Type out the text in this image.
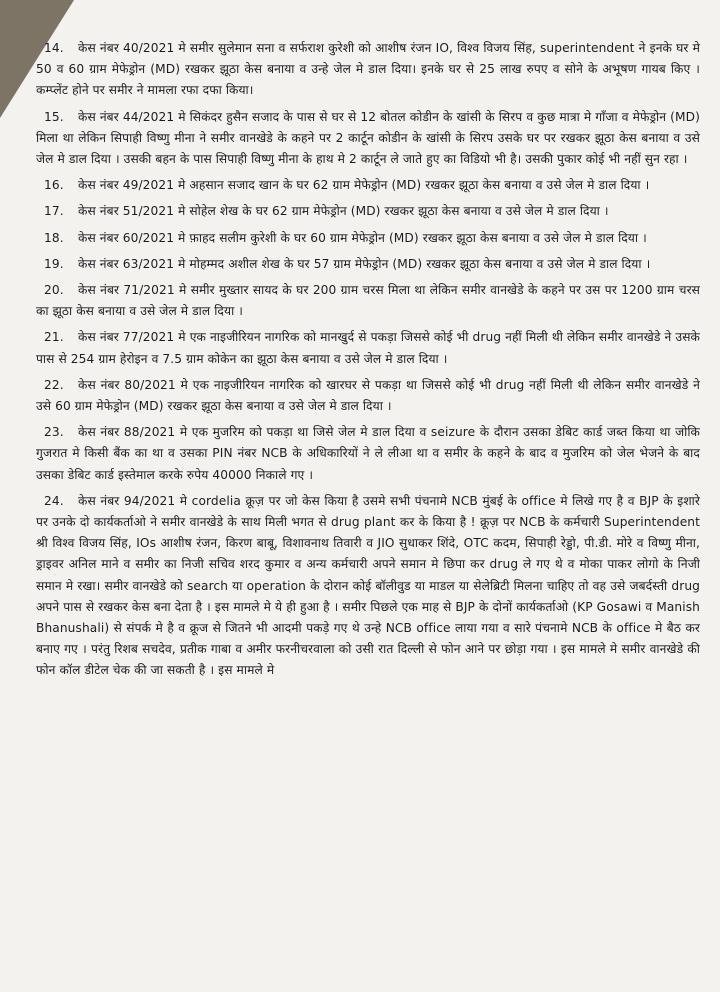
14. केस नंबर 40/2021 मे समीर सुलेमान सना व सर्फराश कुरेशी को आशीष रंजन IO, विश्व विजय सिंह, superintendent ने इनके घर मे 50 व 60 ग्राम मेफेड्रोन (MD) रखकर झूठा केस बनाया व उन्हे जेल मे डाल दिया। इनके घर से 25 लाख रुपए व सोने के अभूषण गायब किए । कम्प्लेंट होने पर समीर ने मामला रफा दफा किया।

15. केस नंबर 44/2021 मे सिकंदर हुसैन सजाद के पास से घर से 12 बोतल कोडीन के खांसी के सिरप व कुछ मात्रा मे गाँजा व मेफेड्रोन (MD) मिला था लेकिन सिपाही विष्णु मीना ने समीर वानखेडे के कहने पर 2 कार्टून कोडीन के खांसी के सिरप उसके घर पर रखकर झूठा केस बनाया व उसे जेल मे डाल दिया । उसकी बहन के पास सिपाही विष्णु मीना के हाथ मे 2 कार्टून ले जाते हुए का विडियो भी है। उसकी पुकार कोई भी नहीं सुन रहा ।

16. केस नंबर 49/2021 मे अहसान सजाद खान के घर 62 ग्राम मेफेड्रोन (MD) रखकर झूठा केस बनाया व उसे जेल मे डाल दिया ।

17. केस नंबर 51/2021 मे सोहेल शेख के घर 62 ग्राम मेफेड्रोन (MD) रखकर झूठा केस बनाया व उसे जेल मे डाल दिया ।

18. केस नंबर 60/2021 मे फ़ाहद सलीम कुरेशी के घर 60 ग्राम मेफेड्रोन (MD) रखकर झूठा केस बनाया व उसे जेल मे डाल दिया ।

19. केस नंबर 63/2021 मे मोहम्मद अशील शेख के घर 57 ग्राम मेफेड्रोन (MD) रखकर झूठा केस बनाया व उसे जेल मे डाल दिया ।

20. केस नंबर 71/2021 मे समीर मुख्तार सायद के घर 200 ग्राम चरस मिला था लेकिन समीर वानखेडे के कहने पर उस पर 1200 ग्राम चरस का झूठा केस बनाया व उसे जेल मे डाल दिया ।

21. केस नंबर 77/2021 मे एक नाइजीरियन नागरिक को मानखुर्द से पकड़ा जिससे कोई भी drug नहीं मिली थी लेकिन समीर वानखेडे ने उसके पास से 254 ग्राम हेरोइन व 7.5 ग्राम कोकेन का झूठा केस बनाया व उसे जेल मे डाल दिया ।

22. केस नंबर 80/2021 मे एक नाइजीरियन नागरिक को खारघर से पकड़ा था जिससे कोई भी drug नहीं मिली थी लेकिन समीर वानखेडे ने उसे 60 ग्राम मेफेड्रोन (MD) रखकर झूठा केस बनाया व उसे जेल मे डाल दिया ।

23. केस नंबर 88/2021 मे एक मुजरिम को पकड़ा था जिसे जेल मे डाल दिया व seizure के दौरान उसका डेबिट कार्ड जब्त किया था जोकि गुजरात मे किसी बैंक का था व उसका PIN नंबर NCB के अधिकारियों ने ले लीआ था व समीर के कहने के बाद व मुजरिम को जेल भेजने के बाद उसका डेबिट कार्ड इस्तेमाल करके रुपेय 40000 निकाले गए ।

24. केस नंबर 94/2021 मे cordelia क्रूज़ पर जो केस किया है उसमे सभी पंचनामे NCB मुंबई के office मे लिखे गए है व BJP के इशारे पर उनके दो कार्यकर्ताओ ने समीर वानखेडे के साथ मिली भगत से drug plant कर के किया है ! क्रूज़ पर NCB के कर्मचारी Superintendent श्री विश्व विजय सिंह, IOs आशीष रंजन, किरण बाबू, विशावनाथ तिवारी व JIO सुधाकर शिंदे, OTC कदम, सिपाही रेड्डो, पी.डी. मोरे व विष्णु मीना, ड्राइवर अनिल माने व समीर का निजी सचिव शरद कुमार व अन्य कर्मचारी अपने समान मे छिपा कर drug ले गए थे व मोका पाकर लोगो के निजी समान मे रखा। समीर वानखेडे को search या operation के दोरान कोई बॉलीवुड या माडल या सेलेब्रिटी मिलना चाहिए तो वह उसे जबर्दस्ती drug अपने पास से रखकर केस बना देता है । इस मामले मे ये ही हुआ है । समीर पिछले एक माह से BJP के दोनों कार्यकर्ताओ (KP Gosawi व Manish Bhanushali) से संपर्क मे है व क्रूज से जितने भी आदमी पकड़े गए थे उन्हे NCB office लाया गया व सारे पंचनामे NCB के office मे बैठ कर बनाए गए । परंतु रिशब सचदेव, प्रतीक गाबा व अमीर फरनीचरवाला को उसी रात दिल्ली से फोन आने पर छोड़ा गया । इस मामले मे समीर वानखेडे की फोन कॉल डीटेल चेक की जा सकती है । इस मामले मे
